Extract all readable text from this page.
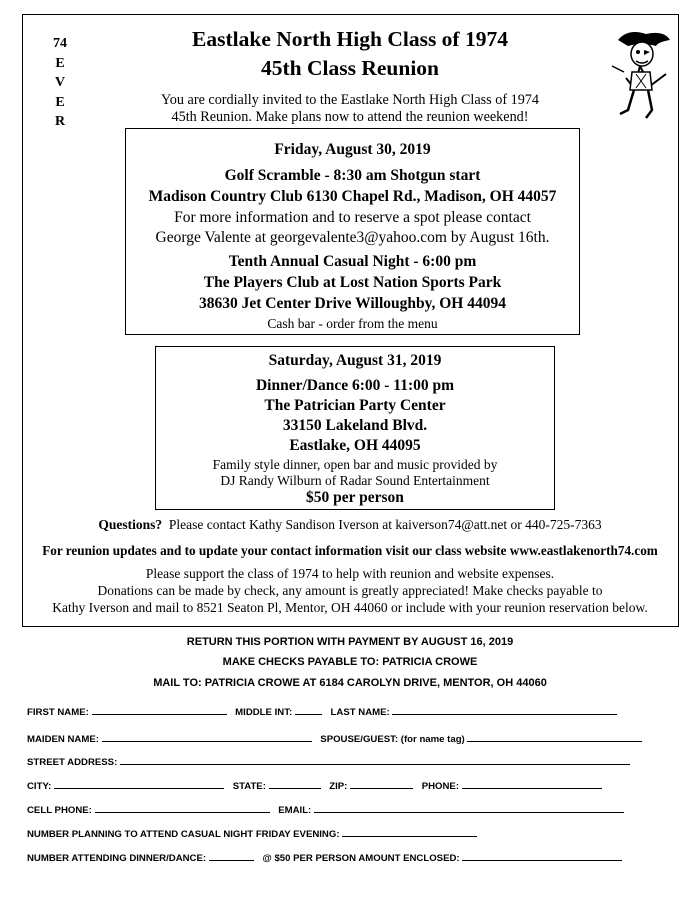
74
E
V
E
R
Eastlake North High Class of 1974
45th Class Reunion
You are cordially invited to the Eastlake North High Class of 1974
45th Reunion. Make plans now to attend the reunion weekend!
Friday, August 30, 2019
Golf Scramble - 8:30 am Shotgun start
Madison Country Club 6130 Chapel Rd., Madison, OH 44057
For more information and to reserve a spot please contact
George Valente at georgevalente3@yahoo.com by August 16th.
Tenth Annual Casual Night - 6:00 pm
The Players Club at Lost Nation Sports Park
38630 Jet Center Drive Willoughby, OH 44094
Cash bar - order from the menu
Saturday, August 31, 2019
Dinner/Dance 6:00 - 11:00 pm
The Patrician Party Center
33150 Lakeland Blvd.
Eastlake, OH 44095
Family style dinner, open bar and music provided by
DJ Randy Wilburn of Radar Sound Entertainment
$50 per person
Questions? Please contact Kathy Sandison Iverson at kaiverson74@att.net or 440-725-7363
For reunion updates and to update your contact information visit our class website www.eastlakenorth74.com
Please support the class of 1974 to help with reunion and website expenses.
Donations can be made by check, any amount is greatly appreciated! Make checks payable to
Kathy Iverson and mail to 8521 Seaton Pl, Mentor, OH 44060 or include with your reunion reservation below.
RETURN THIS PORTION WITH PAYMENT BY AUGUST 16, 2019
MAKE CHECKS PAYABLE TO: PATRICIA CROWE
MAIL TO: PATRICIA CROWE AT 6184 CAROLYN DRIVE, MENTOR, OH 44060
FIRST NAME:	MIDDLE INT:	LAST NAME:
MAIDEN NAME:	SPOUSE/GUEST: (for name tag)
STREET ADDRESS:
CITY:	STATE:	ZIP:	PHONE:
CELL PHONE:	EMAIL:
NUMBER PLANNING TO ATTEND CASUAL NIGHT FRIDAY EVENING:
NUMBER ATTENDING DINNER/DANCE:	@ $50 PER PERSON AMOUNT ENCLOSED:
